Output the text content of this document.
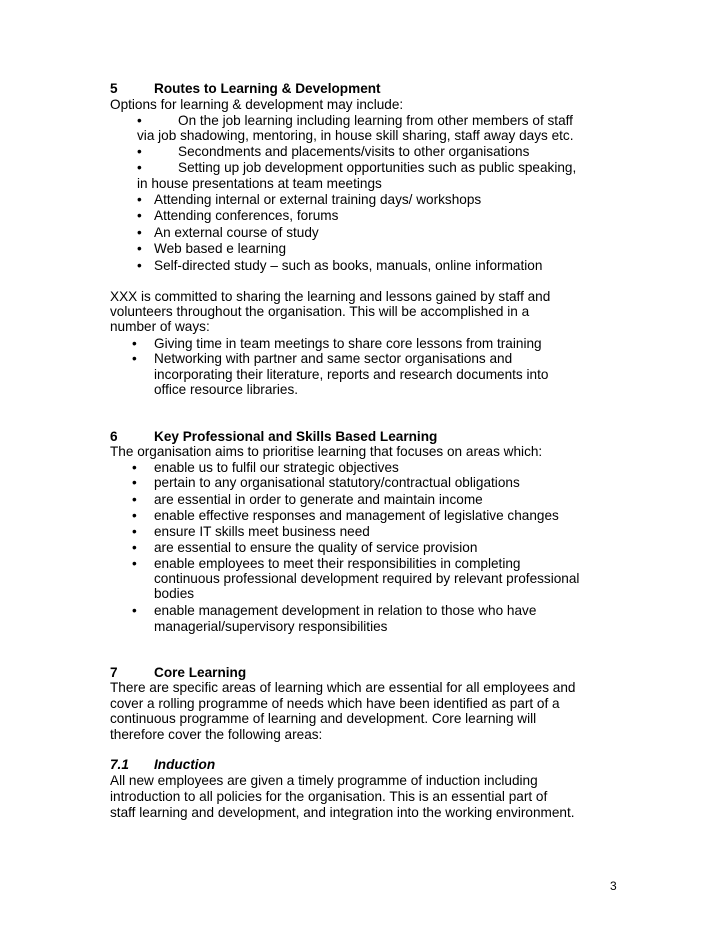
5	Routes to Learning & Development

Options for learning & development may include:

•	On the job learning including learning from other members of staff

via job shadowing, mentoring, in house skill sharing, staff away days etc.

•	Secondments and placements/visits to other organisations

•	Setting up job development opportunities such as public speaking,

in house presentations at team meetings

• Attending internal or external training days/ workshops

• Attending conferences, forums

• An external course of study

• Web based e learning

• Self-directed study – such as books, manuals, online information

XXX is committed to sharing the learning and lessons gained by staff and

volunteers throughout the organisation. This will be accomplished in a

number of ways:

• Giving time in team meetings to share core lessons from training

• Networking with partner and same sector organisations and

incorporating their literature, reports and research documents into

office resource libraries.

6	Key Professional and Skills Based Learning

The organisation aims to prioritise learning that focuses on areas which:

• enable us to fulfil our strategic objectives

• pertain to any organisational statutory/contractual obligations

• are essential in order to generate and maintain income

• enable effective responses and management of legislative changes

• ensure IT skills meet business need

• are essential to ensure the quality of service provision

• enable employees to meet their responsibilities in completing

continuous professional development required by relevant professional

bodies

• enable management development in relation to those who have

managerial/supervisory responsibilities

7	Core Learning

There are specific areas of learning which are essential for all employees and

cover a rolling programme of needs which have been identified as part of a

continuous programme of learning and development. Core learning will

therefore cover the following areas:

7.1 Induction

All new employees are given a timely programme of induction including

introduction to all policies for the organisation. This is an essential part of

staff learning and development, and integration into the working environment.

3
